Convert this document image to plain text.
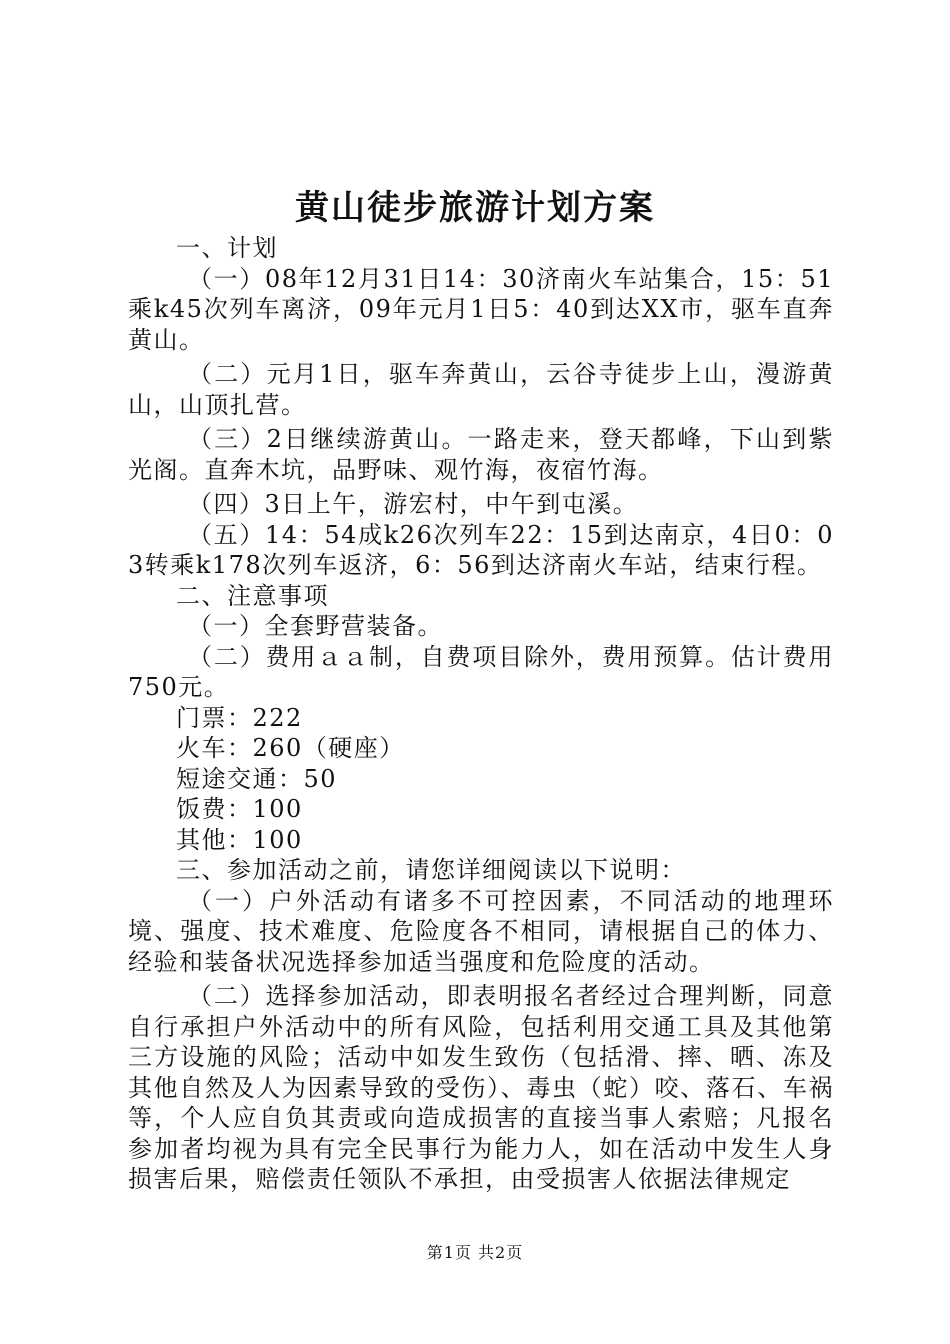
黄山徒步旅游计划方案

一、计划

（一）08年12月31日14：30济南火车站集合，15：51乘k45次列车离济，09年元月1日5：40到达XX市，驱车直奔黄山。

（二）元月1日，驱车奔黄山，云谷寺徒步上山，漫游黄山，山顶扎营。

（三）2日继续游黄山。一路走来，登天都峰，下山到紫光阁。直奔木坑，品野味、观竹海，夜宿竹海。

（四）3日上午，游宏村，中午到屯溪。

（五）14：54成k26次列车22：15到达南京，4日0：03转乘k178次列车返济，6：56到达济南火车站，结束行程。

二、注意事项

（一）全套野营装备。

（二）费用ａａ制，自费项目除外，费用预算。估计费用750元。

门票：222

火车：260（硬座）

短途交通：50

饭费：100

其他：100

三、参加活动之前，请您详细阅读以下说明：

（一）户外活动有诸多不可控因素，不同活动的地理环境、强度、技术难度、危险度各不相同，请根据自己的体力、经验和装备状况选择参加适当强度和危险度的活动。

（二）选择参加活动，即表明报名者经过合理判断，同意自行承担户外活动中的所有风险，包括利用交通工具及其他第三方设施的风险；活动中如发生致伤（包括滑、摔、晒、冻及其他自然及人为因素导致的受伤）、毒虫（蛇）咬、落石、车祸等，个人应自负其责或向造成损害的直接当事人索赔；凡报名参加者均视为具有完全民事行为能力人，如在活动中发生人身损害后果，赔偿责任领队不承担，由受损害人依据法律规定

第1页 共2页
